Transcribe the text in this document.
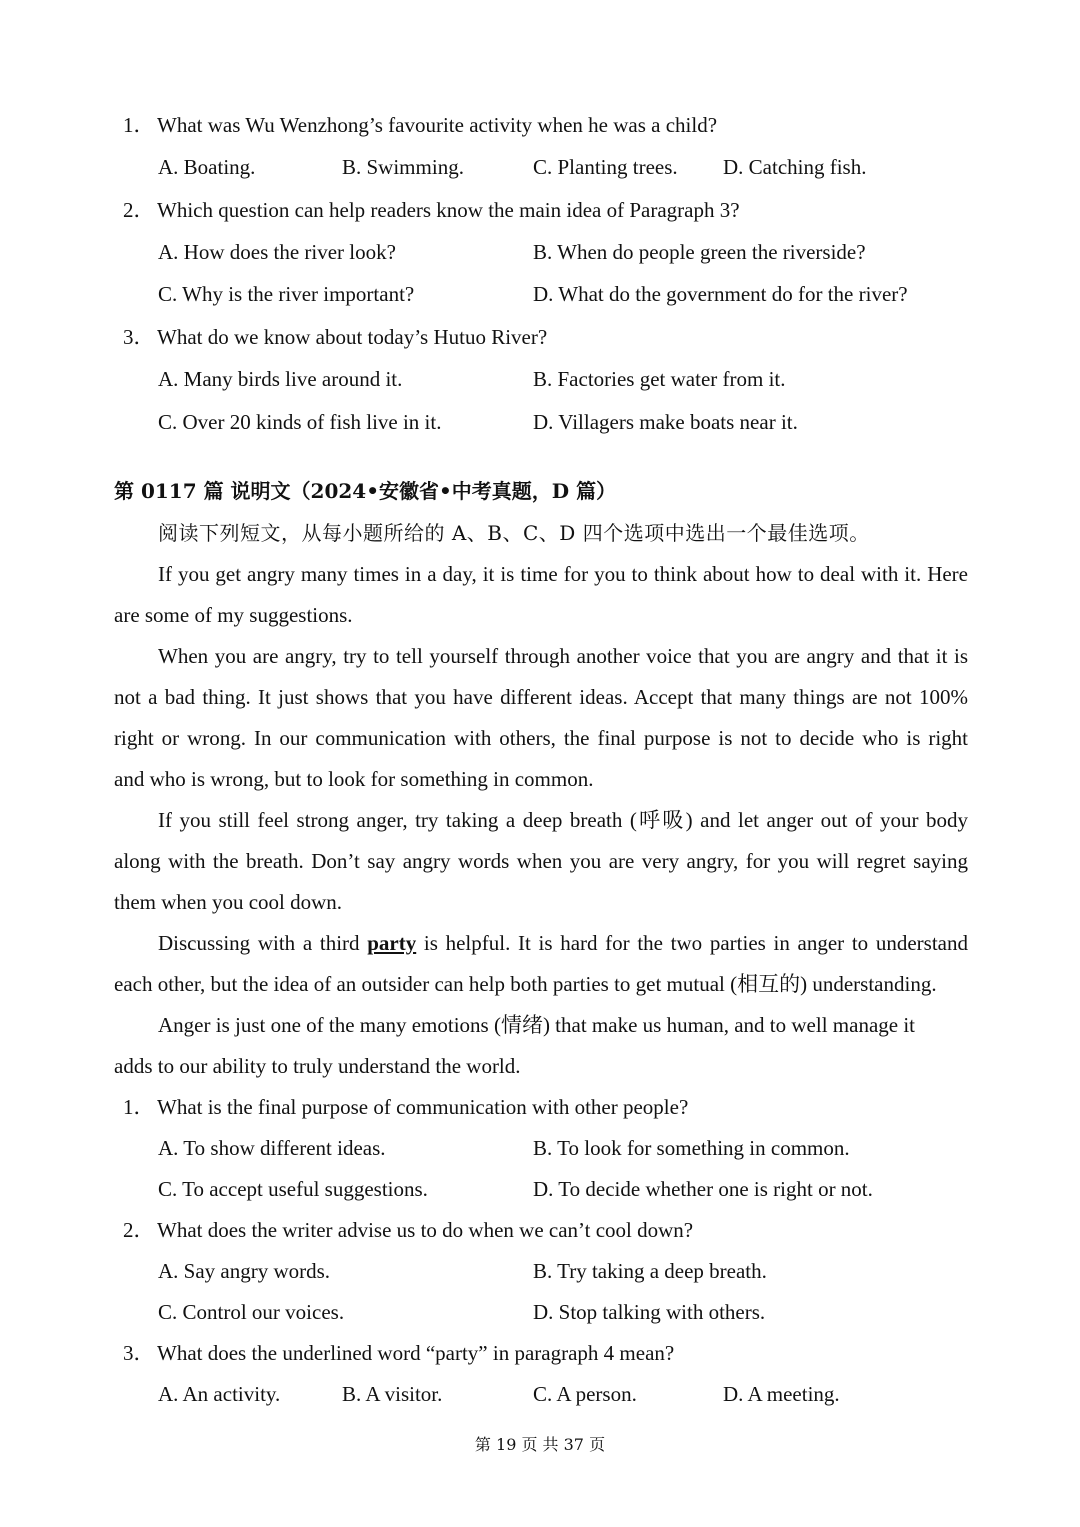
1． What was Wu Wenzhong’s favourite activity when he was a child?
A. Boating.	B. Swimming.	C. Planting trees. D. Catching fish.
2． Which question can help readers know the main idea of Paragraph 3?
A. How does the river look?	B. When do people green the riverside?
C. Why is the river important?	D. What do the government do for the river?
3． What do we know about today’s Hutuo River?
A. Many birds live around it.	B. Factories get water from it.
C. Over 20 kinds of fish live in it.	D. Villagers make boats near it.
第 0117 篇 说明文（2024•安徽省•中考真题，D 篇）
阅读下列短文，从每小题所给的 A、B、C、D 四个选项中选出一个最佳选项。
If you get angry many times in a day, it is time for you to think about how to deal with it. Here
are some of my suggestions.
When you are angry, try to tell yourself through another voice that you are angry and that it is
not a bad thing. It just shows that you have different ideas. Accept that many things are not 100%
right or wrong. In our communication with others, the final purpose is not to decide who is right
and who is wrong, but to look for something in common.
If you still feel strong anger, try taking a deep breath (呼吸) and let anger out of your body
along with the breath. Don’t say angry words when you are very angry, for you will regret saying
them when you cool down.
Discussing with a third party is helpful. It is hard for the two parties in anger to understand
each other, but the idea of an outsider can help both parties to get mutual (相互的) understanding.
Anger is just one of the many emotions (情绪) that make us human, and to well manage it
adds to our ability to truly understand the world.
1． What is the final purpose of communication with other people?
A. To show different ideas.	B. To look for something in common.
C. To accept useful suggestions.	D. To decide whether one is right or not.
2． What does the writer advise us to do when we can’t cool down?
A. Say angry words.	B. Try taking a deep breath.
C. Control our voices.	D. Stop talking with others.
3． What does the underlined word “party” in paragraph 4 mean?
A. An activity.	B. A visitor.	C. A person.	D. A meeting.
第 19 页 共 37 页
